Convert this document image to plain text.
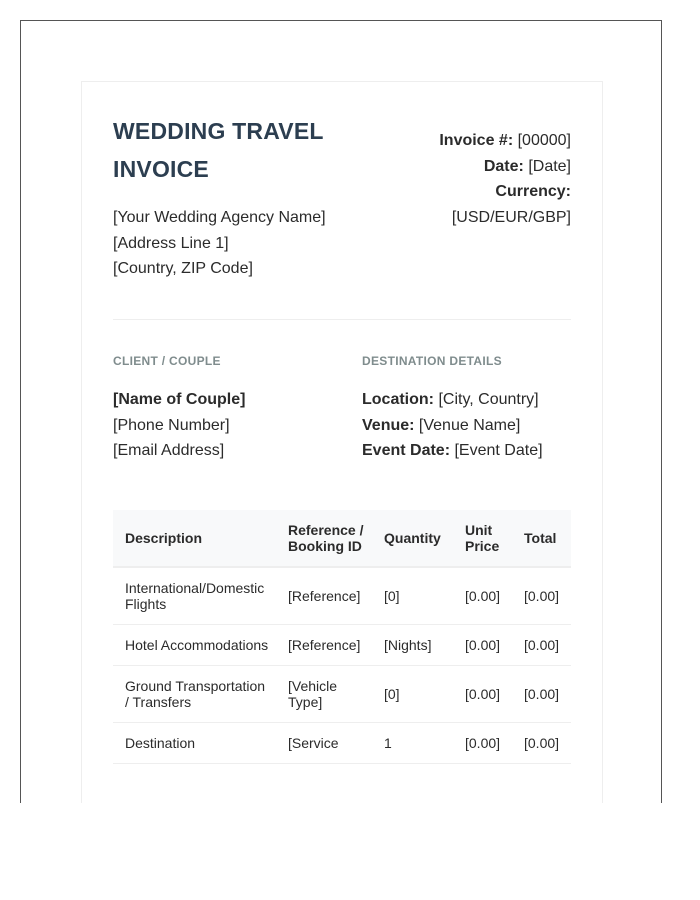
WEDDING TRAVEL INVOICE
[Your Wedding Agency Name]
[Address Line 1]
[Country, ZIP Code]
Invoice #: [00000]
Date: [Date]
Currency:
[USD/EUR/GBP]
CLIENT / COUPLE	DESTINATION DETAILS
[Name of Couple]
[Phone Number]
[Email Address]
Location: [City, Country]
Venue: [Venue Name]
Event Date: [Event Date]
Description	Reference / Booking ID	Quantity	Unit Price	Total
International/Domestic Flights	[Reference]	[0]	[0.00]	[0.00]
Hotel Accommodations	[Reference]	[Nights]	[0.00]	[0.00]
Ground Transportation / Transfers	[Vehicle Type]	[0]	[0.00]	[0.00]
Destination	[Service	1	[0.00]	[0.00]
